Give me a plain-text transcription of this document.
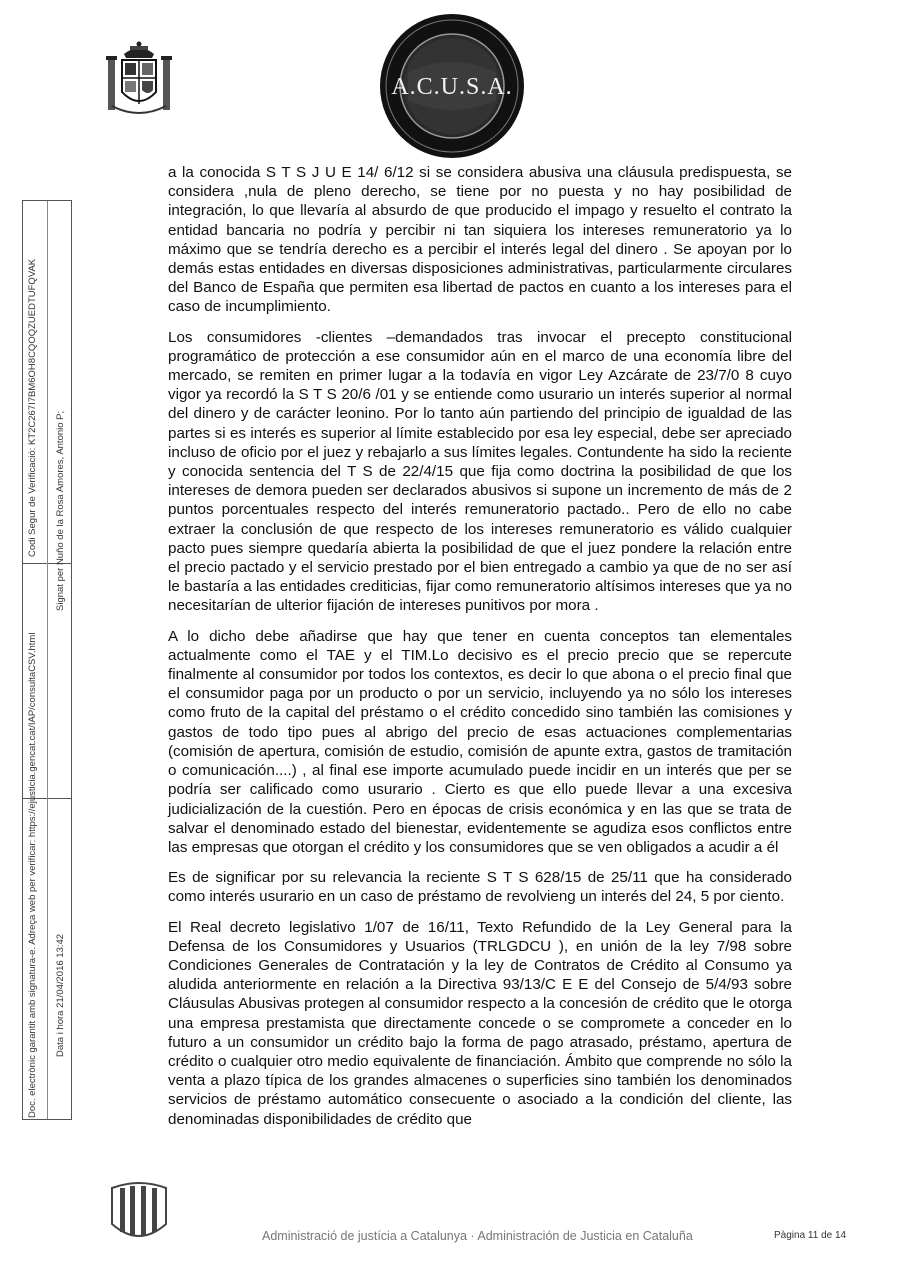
A.C.U.S.A.
Codi Segur de Verificació: KT2C267I7BM6OH8CQOQZUEDTUFQVAK Signat per Nuño de la Rosa Amores, Antonio P;
Doc. electrònic garantit amb signatura-e. Adreça web per verificar: https://ejusticia.gencat.cat/IAP/consultaCSV.html Data i hora 21/04/2016 13:42

a la conocida S T S J U E 14/ 6/12 si se considera abusiva una cláusula predispuesta, se considera ,nula de pleno derecho, se tiene por no puesta y no hay posibilidad de integración, lo que llevaría al absurdo de que producido el impago y resuelto el contrato la entidad bancaria no podría y percibir ni tan siquiera los intereses remuneratorio ya lo máximo que se tendría derecho es a percibir el interés legal del dinero . Se apoyan por lo demás estas entidades en diversas disposiciones administrativas, particularmente circulares del Banco de España que permiten esa libertad de pactos en cuanto a los intereses para el caso de incumplimiento.

Los consumidores -clientes –demandados tras invocar el precepto constitucional programático de protección a ese consumidor aún en el marco de una economía libre del mercado, se remiten en primer lugar a la todavía en vigor Ley Azcárate de 23/7/0 8 cuyo vigor ya recordó la S T S 20/6 /01 y se entiende como usurario un interés superior al normal del dinero y de carácter leonino. Por lo tanto aún partiendo del principio de igualdad de las partes si es interés es superior al límite establecido por esa ley especial, debe ser apreciado incluso de oficio por el juez y rebajarlo a sus límites legales. Contundente ha sido la reciente y conocida sentencia del T S de 22/4/15 que fija como doctrina la posibilidad de que los intereses de demora pueden ser declarados abusivos si supone un incremento de más de 2 puntos porcentuales respecto del interés remuneratorio pactado.. Pero de ello no cabe extraer la conclusión de que respecto de los intereses remuneratorio es válido cualquier pacto pues siempre quedaría abierta la posibilidad de que el juez pondere la relación entre el precio pactado y el servicio prestado por el bien entregado a cambio ya que de no ser así le bastaría a las entidades crediticias, fijar como remuneratorio altísimos intereses que ya no necesitarían de ulterior fijación de intereses punitivos por mora .

A lo dicho debe añadirse que hay que tener en cuenta conceptos tan elementales actualmente como el TAE y el TIM.Lo decisivo es el precio precio que se repercute finalmente al consumidor por todos los contextos, es decir lo que abona o el precio final que el consumidor paga por un producto o por un servicio, incluyendo ya no sólo los intereses como fruto de la capital del préstamo o el crédito concedido sino también las comisiones y gastos de todo tipo pues al abrigo del precio de esas actuaciones complementarias (comisión de apertura, comisión de estudio, comisión de apunte extra, gastos de tramitación o comunicación....) , al final ese importe acumulado puede incidir en un interés que per se podría ser calificado como usurario . Cierto es que ello puede llevar a una excesiva judicialización de la cuestión. Pero en épocas de crisis económica y en las que se trata de salvar el denominado estado del bienestar, evidentemente se agudiza esos conflictos entre las empresas que otorgan el crédito y los consumidores que se ven obligados a acudir a él

Es de significar por su relevancia la reciente S T S 628/15 de 25/11 que ha considerado como interés usurario en un caso de préstamo de revolvieng un interés del 24, 5 por ciento.

El Real decreto legislativo 1/07 de 16/11, Texto Refundido de la Ley General para la Defensa de los Consumidores y Usuarios (TRLGDCU ), en unión de la ley 7/98 sobre Condiciones Generales de Contratación y la ley de Contratos de Crédito al Consumo ya aludida anteriormente en relación a la Directiva 93/13/C E E del Consejo de 5/4/93 sobre Cláusulas Abusivas protegen al consumidor respecto a la concesión de crédito que le otorga una empresa prestamista que directamente concede o se compromete a conceder en lo futuro a un consumidor un crédito bajo la forma de pago atrasado, préstamo, apertura de crédito o cualquier otro medio equivalente de financiación. Ámbito que comprende no sólo la venta a plazo típica de los grandes almacenes o superficies sino también los denominados servicios de préstamo automático consecuente o asociado a la condición del cliente, las denominadas disponibilidades de crédito que

Administració de justícia a Catalunya · Administración de Justicia en Cataluña	Pàgina 11 de 14
